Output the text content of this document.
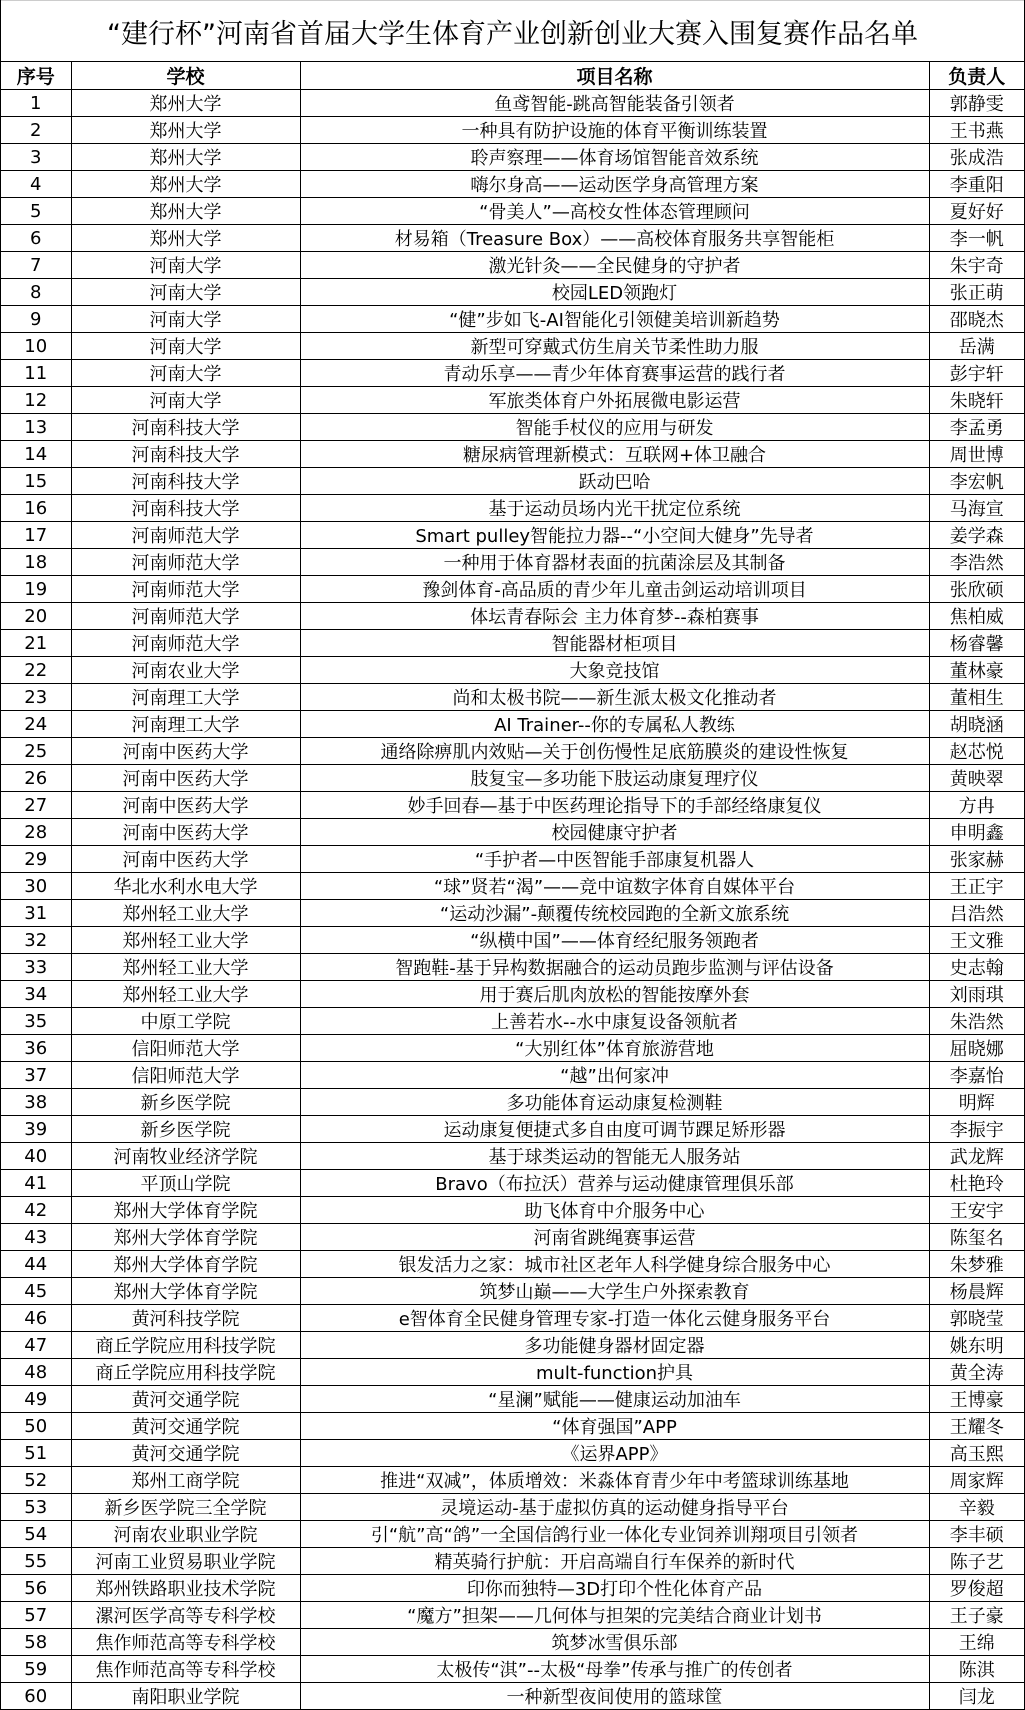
“建行杯”河南省首届大学生体育产业创新创业大赛入围复赛作品名单
序号	学校	项目名称	负责人
1	郑州大学	鱼鸢智能-跳高智能装备引领者	郭静雯
2	郑州大学	一种具有防护设施的体育平衡训练装置	王书燕
3	郑州大学	聆声察理——体育场馆智能音效系统	张成浩
4	郑州大学	嗨尔身高——运动医学身高管理方案	李重阳
5	郑州大学	“骨美人”—高校女性体态管理顾问	夏好好
6	郑州大学	材易箱（Treasure Box）——高校体育服务共享智能柜	李一帆
7	河南大学	激光针灸——全民健身的守护者	朱宇奇
8	河南大学	校园LED领跑灯	张正萌
9	河南大学	“健”步如飞-AI智能化引领健美培训新趋势	邵晓杰
10	河南大学	新型可穿戴式仿生肩关节柔性助力服	岳满
11	河南大学	青动乐享——青少年体育赛事运营的践行者	彭宇轩
12	河南大学	军旅类体育户外拓展微电影运营	朱晓轩
13	河南科技大学	智能手杖仪的应用与研发	李孟勇
14	河南科技大学	糖尿病管理新模式：互联网+体卫融合	周世博
15	河南科技大学	跃动巴哈	李宏帆
16	河南科技大学	基于运动员场内光干扰定位系统	马海宣
17	河南师范大学	Smart pulley智能拉力器--“小空间大健身”先导者	姜学森
18	河南师范大学	一种用于体育器材表面的抗菌涂层及其制备	李浩然
19	河南师范大学	豫剑体育-高品质的青少年儿童击剑运动培训项目	张欣硕
20	河南师范大学	体坛青春际会 主力体育梦--森柏赛事	焦柏威
21	河南师范大学	智能器材柜项目	杨睿馨
22	河南农业大学	大象竞技馆	董林豪
23	河南理工大学	尚和太极书院——新生派太极文化推动者	董相生
24	河南理工大学	AI Trainer--你的专属私人教练	胡晓涵
25	河南中医药大学	通络除痹肌内效贴—关于创伤慢性足底筋膜炎的建设性恢复	赵芯悦
26	河南中医药大学	肢复宝—多功能下肢运动康复理疗仪	黄映翠
27	河南中医药大学	妙手回春—基于中医药理论指导下的手部经络康复仪	方冉
28	河南中医药大学	校园健康守护者	申明鑫
29	河南中医药大学	“手护者—中医智能手部康复机器人	张家赫
30	华北水利水电大学	“球”贤若“渴”——竞中谊数字体育自媒体平台	王正宇
31	郑州轻工业大学	“运动沙漏”-颠覆传统校园跑的全新文旅系统	吕浩然
32	郑州轻工业大学	“纵横中国”——体育经纪服务领跑者	王文雅
33	郑州轻工业大学	智跑鞋-基于异构数据融合的运动员跑步监测与评估设备	史志翰
34	郑州轻工业大学	用于赛后肌肉放松的智能按摩外套	刘雨琪
35	中原工学院	上善若水--水中康复设备领航者	朱浩然
36	信阳师范大学	“大别红体”体育旅游营地	屈晓娜
37	信阳师范大学	“越”出何家冲	李嘉怡
38	新乡医学院	多功能体育运动康复检测鞋	明辉
39	新乡医学院	运动康复便捷式多自由度可调节踝足矫形器	李振宇
40	河南牧业经济学院	基于球类运动的智能无人服务站	武龙辉
41	平顶山学院	Bravo（布拉沃）营养与运动健康管理俱乐部	杜艳玲
42	郑州大学体育学院	助飞体育中介服务中心	王安宇
43	郑州大学体育学院	河南省跳绳赛事运营	陈玺名
44	郑州大学体育学院	银发活力之家：城市社区老年人科学健身综合服务中心	朱梦雅
45	郑州大学体育学院	筑梦山巅——大学生户外探索教育	杨晨辉
46	黄河科技学院	e智体育全民健身管理专家-打造一体化云健身服务平台	郭晓莹
47	商丘学院应用科技学院	多功能健身器材固定器	姚东明
48	商丘学院应用科技学院	mult-function护具	黄全涛
49	黄河交通学院	“星澜”赋能——健康运动加油车	王博豪
50	黄河交通学院	“体育强国”APP	王耀冬
51	黄河交通学院	《运界APP》	高玉熙
52	郑州工商学院	推进“双减”，体质增效：米淼体育青少年中考篮球训练基地	周家辉
53	新乡医学院三全学院	灵境运动-基于虚拟仿真的运动健身指导平台	辛毅
54	河南农业职业学院	引“航”高“鸽”一全国信鸽行业一体化专业饲养训翔项目引领者	李丰硕
55	河南工业贸易职业学院	精英骑行护航：开启高端自行车保养的新时代	陈子艺
56	郑州铁路职业技术学院	印你而独特—3D打印个性化体育产品	罗俊超
57	漯河医学高等专科学校	“魔方”担架——几何体与担架的完美结合商业计划书	王子豪
58	焦作师范高等专科学校	筑梦冰雪俱乐部	王绵
59	焦作师范高等专科学校	太极传“淇”--太极“母拳”传承与推广的传创者	陈淇
60	南阳职业学院	一种新型夜间使用的篮球筐	闫龙
